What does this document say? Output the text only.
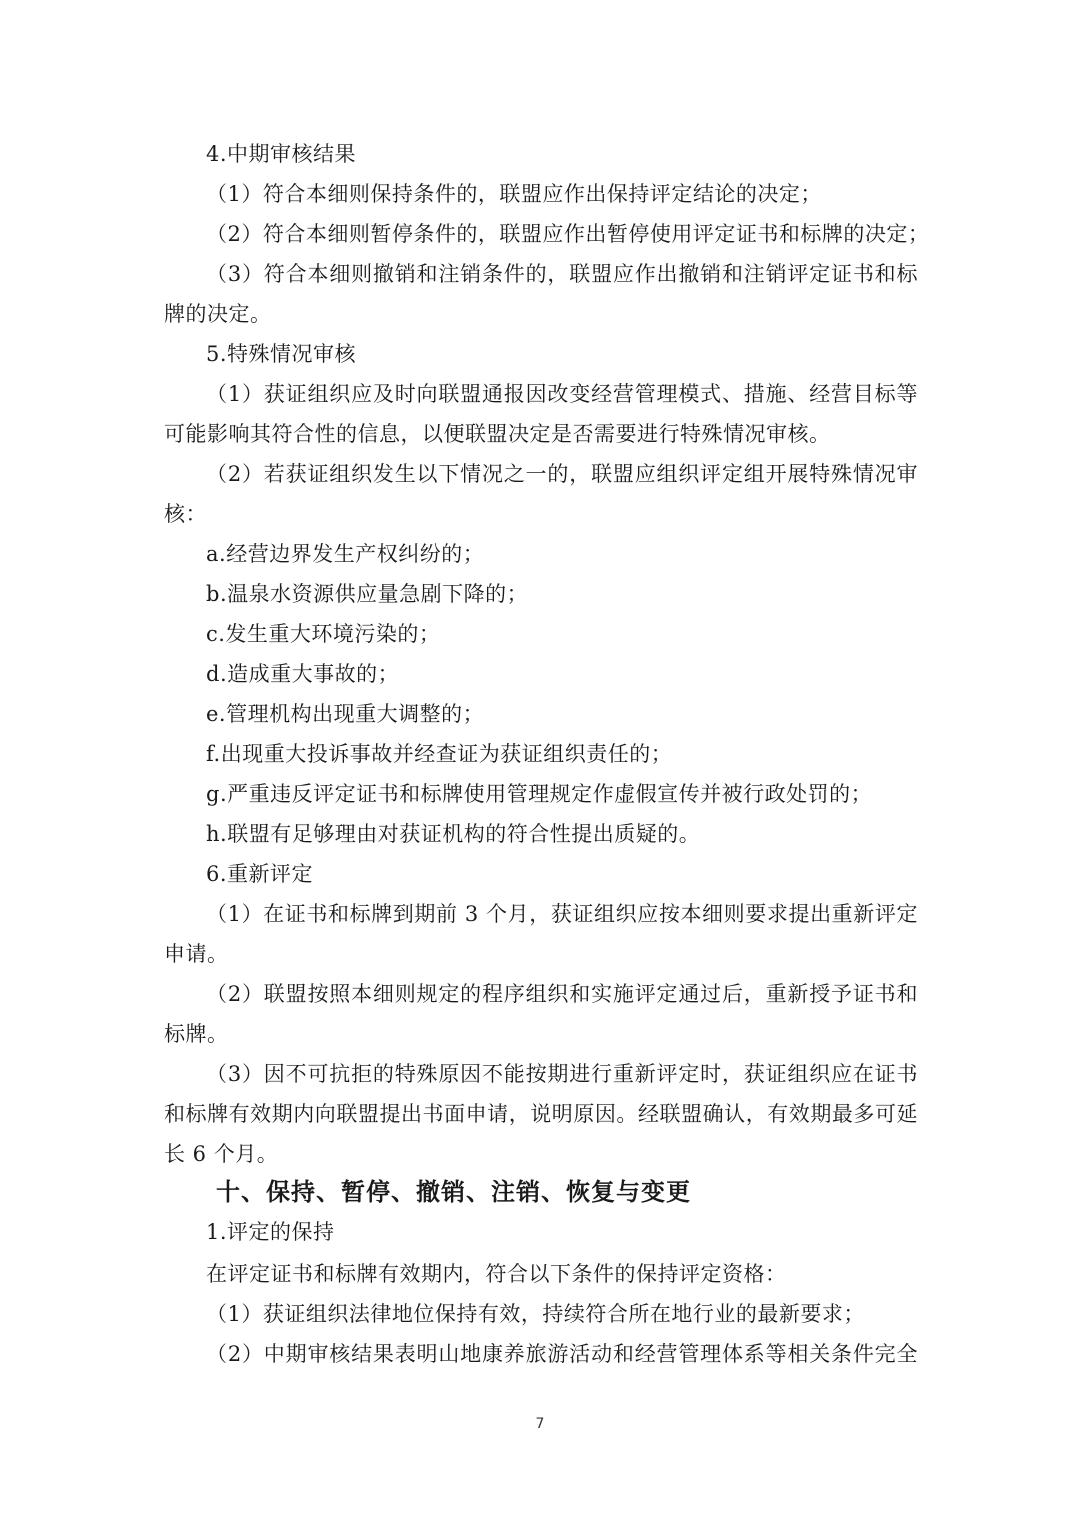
4.中期审核结果
（1）符合本细则保持条件的，联盟应作出保持评定结论的决定；
（2）符合本细则暂停条件的，联盟应作出暂停使用评定证书和标牌的决定；
（3）符合本细则撤销和注销条件的，联盟应作出撤销和注销评定证书和标
牌的决定。
5.特殊情况审核
（1）获证组织应及时向联盟通报因改变经营管理模式、措施、经营目标等
可能影响其符合性的信息，以便联盟决定是否需要进行特殊情况审核。
（2）若获证组织发生以下情况之一的，联盟应组织评定组开展特殊情况审
核：
a.经营边界发生产权纠纷的；
b.温泉水资源供应量急剧下降的；
c.发生重大环境污染的；
d.造成重大事故的；
e.管理机构出现重大调整的；
f.出现重大投诉事故并经查证为获证组织责任的；
g.严重违反评定证书和标牌使用管理规定作虚假宣传并被行政处罚的；
h.联盟有足够理由对获证机构的符合性提出质疑的。
6.重新评定
（1）在证书和标牌到期前 3 个月，获证组织应按本细则要求提出重新评定
申请。
（2）联盟按照本细则规定的程序组织和实施评定通过后，重新授予证书和
标牌。
（3）因不可抗拒的特殊原因不能按期进行重新评定时，获证组织应在证书
和标牌有效期内向联盟提出书面申请，说明原因。经联盟确认，有效期最多可延
长 6 个月。
十、保持、暂停、撤销、注销、恢复与变更
1.评定的保持
在评定证书和标牌有效期内，符合以下条件的保持评定资格：
（1）获证组织法律地位保持有效，持续符合所在地行业的最新要求；
（2）中期审核结果表明山地康养旅游活动和经营管理体系等相关条件完全
7
